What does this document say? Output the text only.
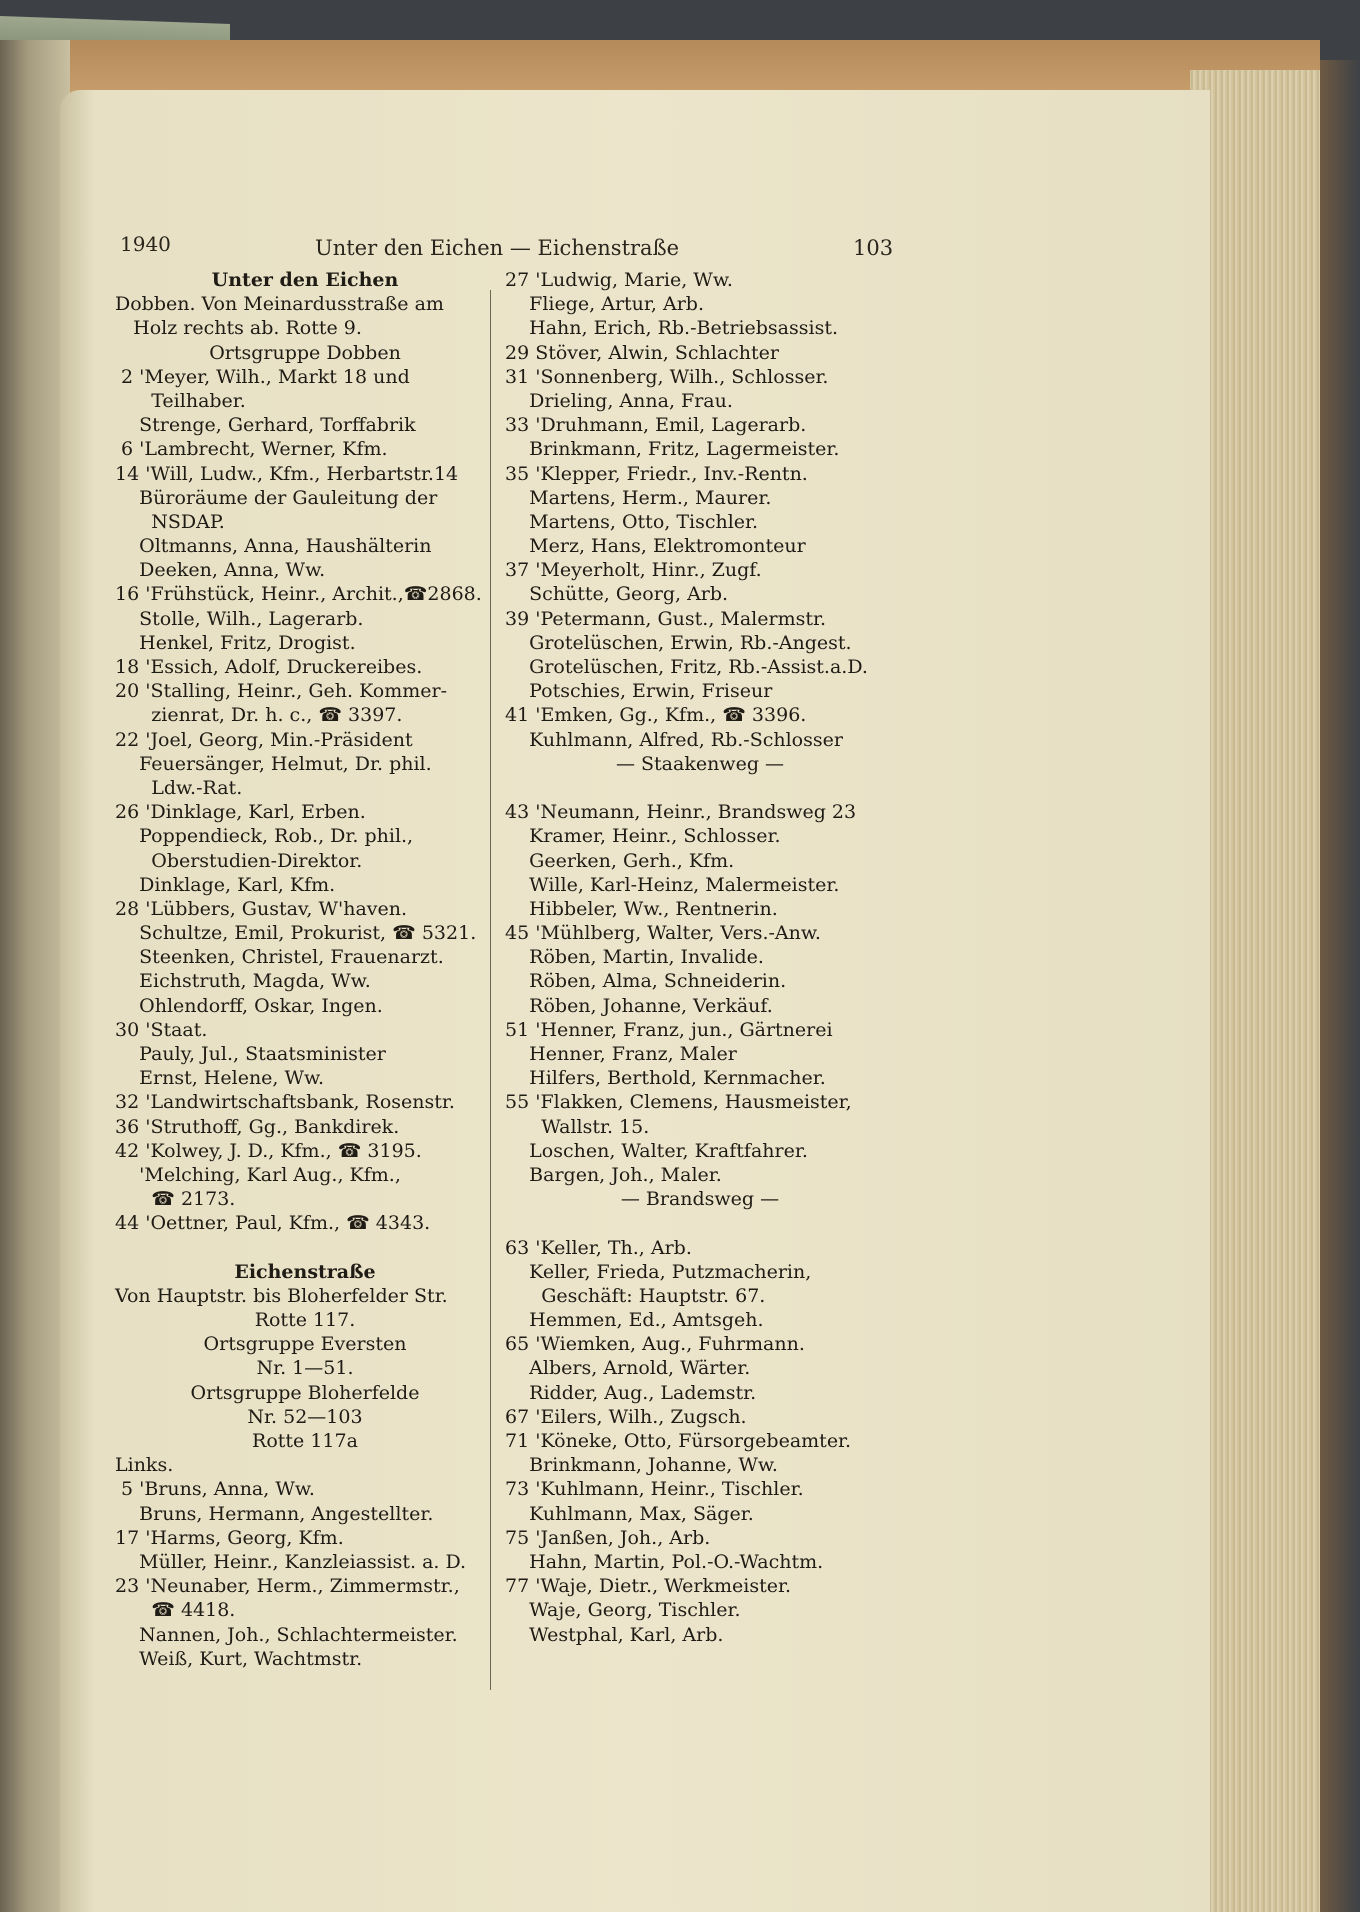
1940	Unter den Eichen — Eichenstraße	103
Unter den Eichen
Dobben. Von Meinardusstraße am
Holz rechts ab. Rotte 9.
Ortsgruppe Dobben
2 'Meyer, Wilh., Markt 18 und
Teilhaber.
Strenge, Gerhard, Torffabrik
6 'Lambrecht, Werner, Kfm.
14 'Will, Ludw., Kfm., Herbartstr.14
Büroräume der Gauleitung der
NSDAP.
Oltmanns, Anna, Haushälterin
Deeken, Anna, Ww.
16 'Frühstück, Heinr., Archit.,☎2868.
Stolle, Wilh., Lagerarb.
Henkel, Fritz, Drogist.
18 'Essich, Adolf, Druckereibes.
20 'Stalling, Heinr., Geh. Kommer-
zienrat, Dr. h. c., ☎ 3397.
22 'Joel, Georg, Min.-Präsident
Feuersänger, Helmut, Dr. phil.
Ldw.-Rat.
26 'Dinklage, Karl, Erben.
Poppendieck, Rob., Dr. phil.,
Oberstudien-Direktor.
Dinklage, Karl, Kfm.
28 'Lübbers, Gustav, W'haven.
Schultze, Emil, Prokurist, ☎ 5321.
Steenken, Christel, Frauenarzt.
Eichstruth, Magda, Ww.
Ohlendorff, Oskar, Ingen.
30 'Staat.
Pauly, Jul., Staatsminister
Ernst, Helene, Ww.
32 'Landwirtschaftsbank, Rosenstr.
36 'Struthoff, Gg., Bankdirek.
42 'Kolwey, J. D., Kfm., ☎ 3195.
'Melching, Karl Aug., Kfm.,
☎ 2173.
44 'Oettner, Paul, Kfm., ☎ 4343.
Eichenstraße
Von Hauptstr. bis Bloherfelder Str.
Rotte 117.
Ortsgruppe Eversten
Nr. 1—51.
Ortsgruppe Bloherfelde
Nr. 52—103
Rotte 117a
Links.
5 'Bruns, Anna, Ww.
Bruns, Hermann, Angestellter.
17 'Harms, Georg, Kfm.
Müller, Heinr., Kanzleiassist. a. D.
23 'Neunaber, Herm., Zimmermstr.,
☎ 4418.
Nannen, Joh., Schlachtermeister.
Weiß, Kurt, Wachtmstr.
27 'Ludwig, Marie, Ww.
Fliege, Artur, Arb.
Hahn, Erich, Rb.-Betriebsassist.
29 Stöver, Alwin, Schlachter
31 'Sonnenberg, Wilh., Schlosser.
Drieling, Anna, Frau.
33 'Druhmann, Emil, Lagerarb.
Brinkmann, Fritz, Lagermeister.
35 'Klepper, Friedr., Inv.-Rentn.
Martens, Herm., Maurer.
Martens, Otto, Tischler.
Merz, Hans, Elektromonteur
37 'Meyerholt, Hinr., Zugf.
Schütte, Georg, Arb.
39 'Petermann, Gust., Malermstr.
Grotelüschen, Erwin, Rb.-Angest.
Grotelüschen, Fritz, Rb.-Assist.a.D.
Potschies, Erwin, Friseur
41 'Emken, Gg., Kfm., ☎ 3396.
Kuhlmann, Alfred, Rb.-Schlosser
— Staakenweg —
43 'Neumann, Heinr., Brandsweg 23
Kramer, Heinr., Schlosser.
Geerken, Gerh., Kfm.
Wille, Karl-Heinz, Malermeister.
Hibbeler, Ww., Rentnerin.
45 'Mühlberg, Walter, Vers.-Anw.
Röben, Martin, Invalide.
Röben, Alma, Schneiderin.
Röben, Johanne, Verkäuf.
51 'Henner, Franz, jun., Gärtnerei
Henner, Franz, Maler
Hilfers, Berthold, Kernmacher.
55 'Flakken, Clemens, Hausmeister,
Wallstr. 15.
Loschen, Walter, Kraftfahrer.
Bargen, Joh., Maler.
— Brandsweg —
63 'Keller, Th., Arb.
Keller, Frieda, Putzmacherin,
Geschäft: Hauptstr. 67.
Hemmen, Ed., Amtsgeh.
65 'Wiemken, Aug., Fuhrmann.
Albers, Arnold, Wärter.
Ridder, Aug., Lademstr.
67 'Eilers, Wilh., Zugsch.
71 'Köneke, Otto, Fürsorgebeamter.
Brinkmann, Johanne, Ww.
73 'Kuhlmann, Heinr., Tischler.
Kuhlmann, Max, Säger.
75 'Janßen, Joh., Arb.
Hahn, Martin, Pol.-O.-Wachtm.
77 'Waje, Dietr., Werkmeister.
Waje, Georg, Tischler.
Westphal, Karl, Arb.
